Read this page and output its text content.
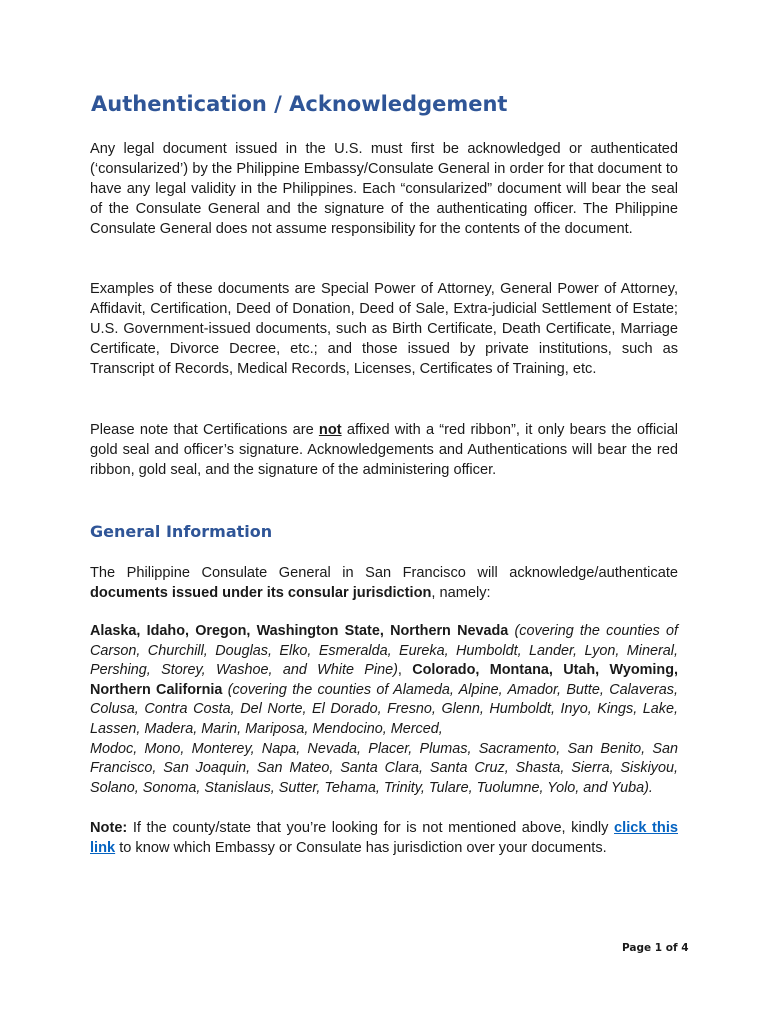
Authentication / Acknowledgement

Any legal document issued in the U.S. must first be acknowledged or authenticated (‘consularized’) by the Philippine Embassy/Consulate General in order for that document to have any legal validity in the Philippines. Each “consularized” document will bear the seal of the Consulate General and the signature of the authenticating officer. The Philippine Consulate General does not assume responsibility for the contents of the document.

Examples of these documents are Special Power of Attorney, General Power of Attorney, Affidavit, Certification, Deed of Donation, Deed of Sale, Extra-judicial Settlement of Estate; U.S. Government-issued documents, such as Birth Certificate, Death Certificate, Marriage Certificate, Divorce Decree, etc.; and those issued by private institutions, such as Transcript of Records, Medical Records, Licenses, Certificates of Training, etc.

Please note that Certifications are not affixed with a “red ribbon”, it only bears the official gold seal and officer’s signature. Acknowledgements and Authentications will bear the red ribbon, gold seal, and the signature of the administering officer.

General Information

The Philippine Consulate General in San Francisco will acknowledge/authenticate documents issued under its consular jurisdiction, namely:

Alaska, Idaho, Oregon, Washington State, Northern Nevada (covering the counties of Carson, Churchill, Douglas, Elko, Esmeralda, Eureka, Humboldt, Lander, Lyon, Mineral, Pershing, Storey, Washoe, and White Pine), Colorado, Montana, Utah, Wyoming, Northern California (covering the counties of Alameda, Alpine, Amador, Butte, Calaveras, Colusa, Contra Costa, Del Norte, El Dorado, Fresno, Glenn, Humboldt, Inyo, Kings, Lake, Lassen, Madera, Marin, Mariposa, Mendocino, Merced,
Modoc, Mono, Monterey, Napa, Nevada, Placer, Plumas, Sacramento, San Benito, San Francisco, San Joaquin, San Mateo, Santa Clara, Santa Cruz, Shasta, Sierra, Siskiyou, Solano, Sonoma, Stanislaus, Sutter, Tehama, Trinity, Tulare, Tuolumne, Yolo, and Yuba).

Note: If the county/state that you’re looking for is not mentioned above, kindly click this link to know which Embassy or Consulate has jurisdiction over your documents.

Page 1 of 4
